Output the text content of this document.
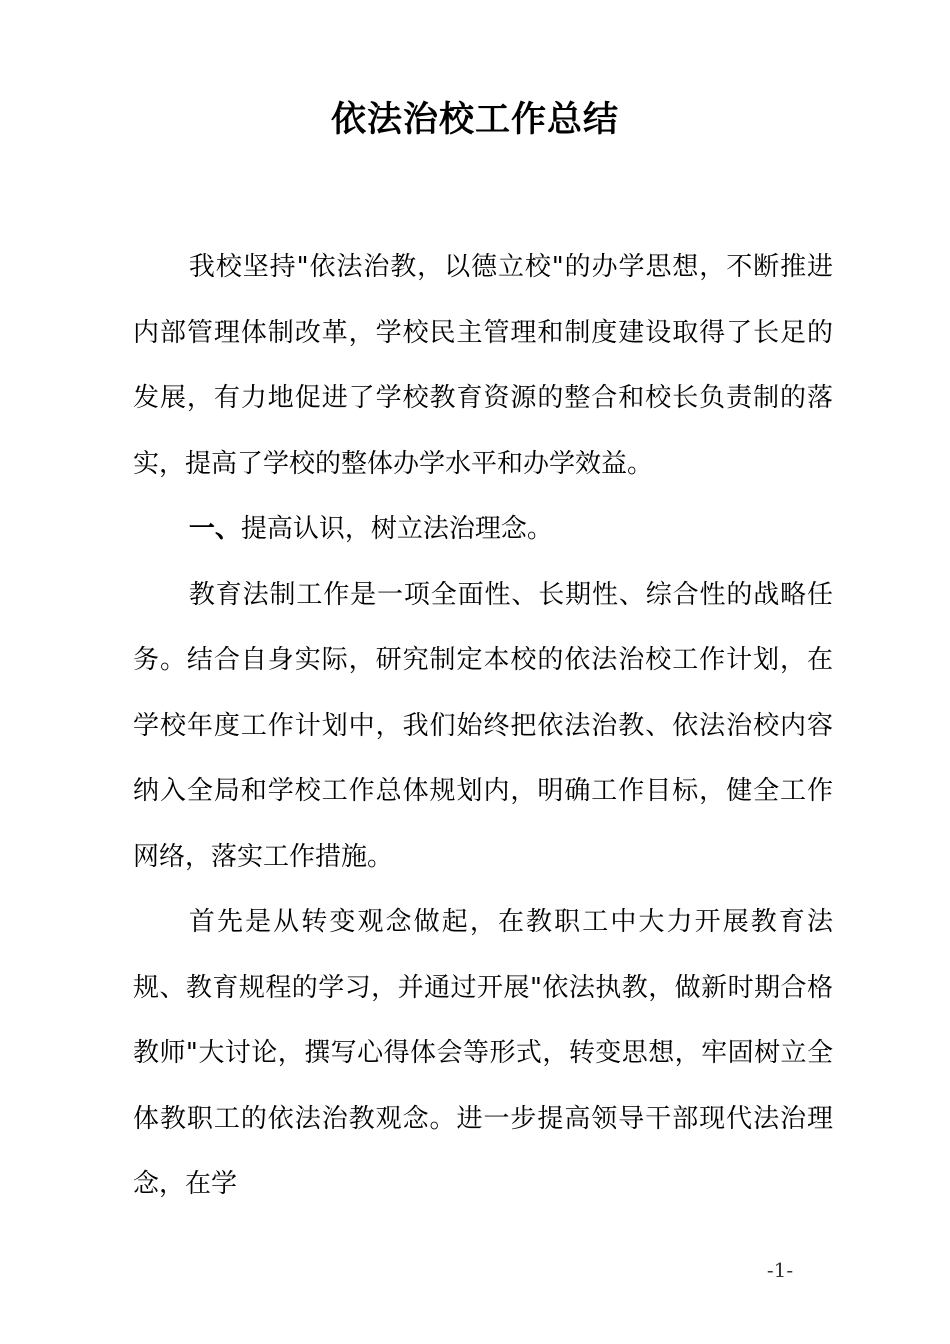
依法治校工作总结

我校坚持"依法治教，以德立校"的办学思想，不断推进内部管理体制改革，学校民主管理和制度建设取得了长足的发展，有力地促进了学校教育资源的整合和校长负责制的落实，提高了学校的整体办学水平和办学效益。

一、提高认识，树立法治理念。

教育法制工作是一项全面性、长期性、综合性的战略任务。结合自身实际，研究制定本校的依法治校工作计划，在学校年度工作计划中，我们始终把依法治教、依法治校内容纳入全局和学校工作总体规划内，明确工作目标，健全工作网络，落实工作措施。

首先是从转变观念做起，在教职工中大力开展教育法规、教育规程的学习，并通过开展"依法执教，做新时期合格教师"大讨论，撰写心得体会等形式，转变思想，牢固树立全体教职工的依法治教观念。进一步提高领导干部现代法治理念，在学

-1-
